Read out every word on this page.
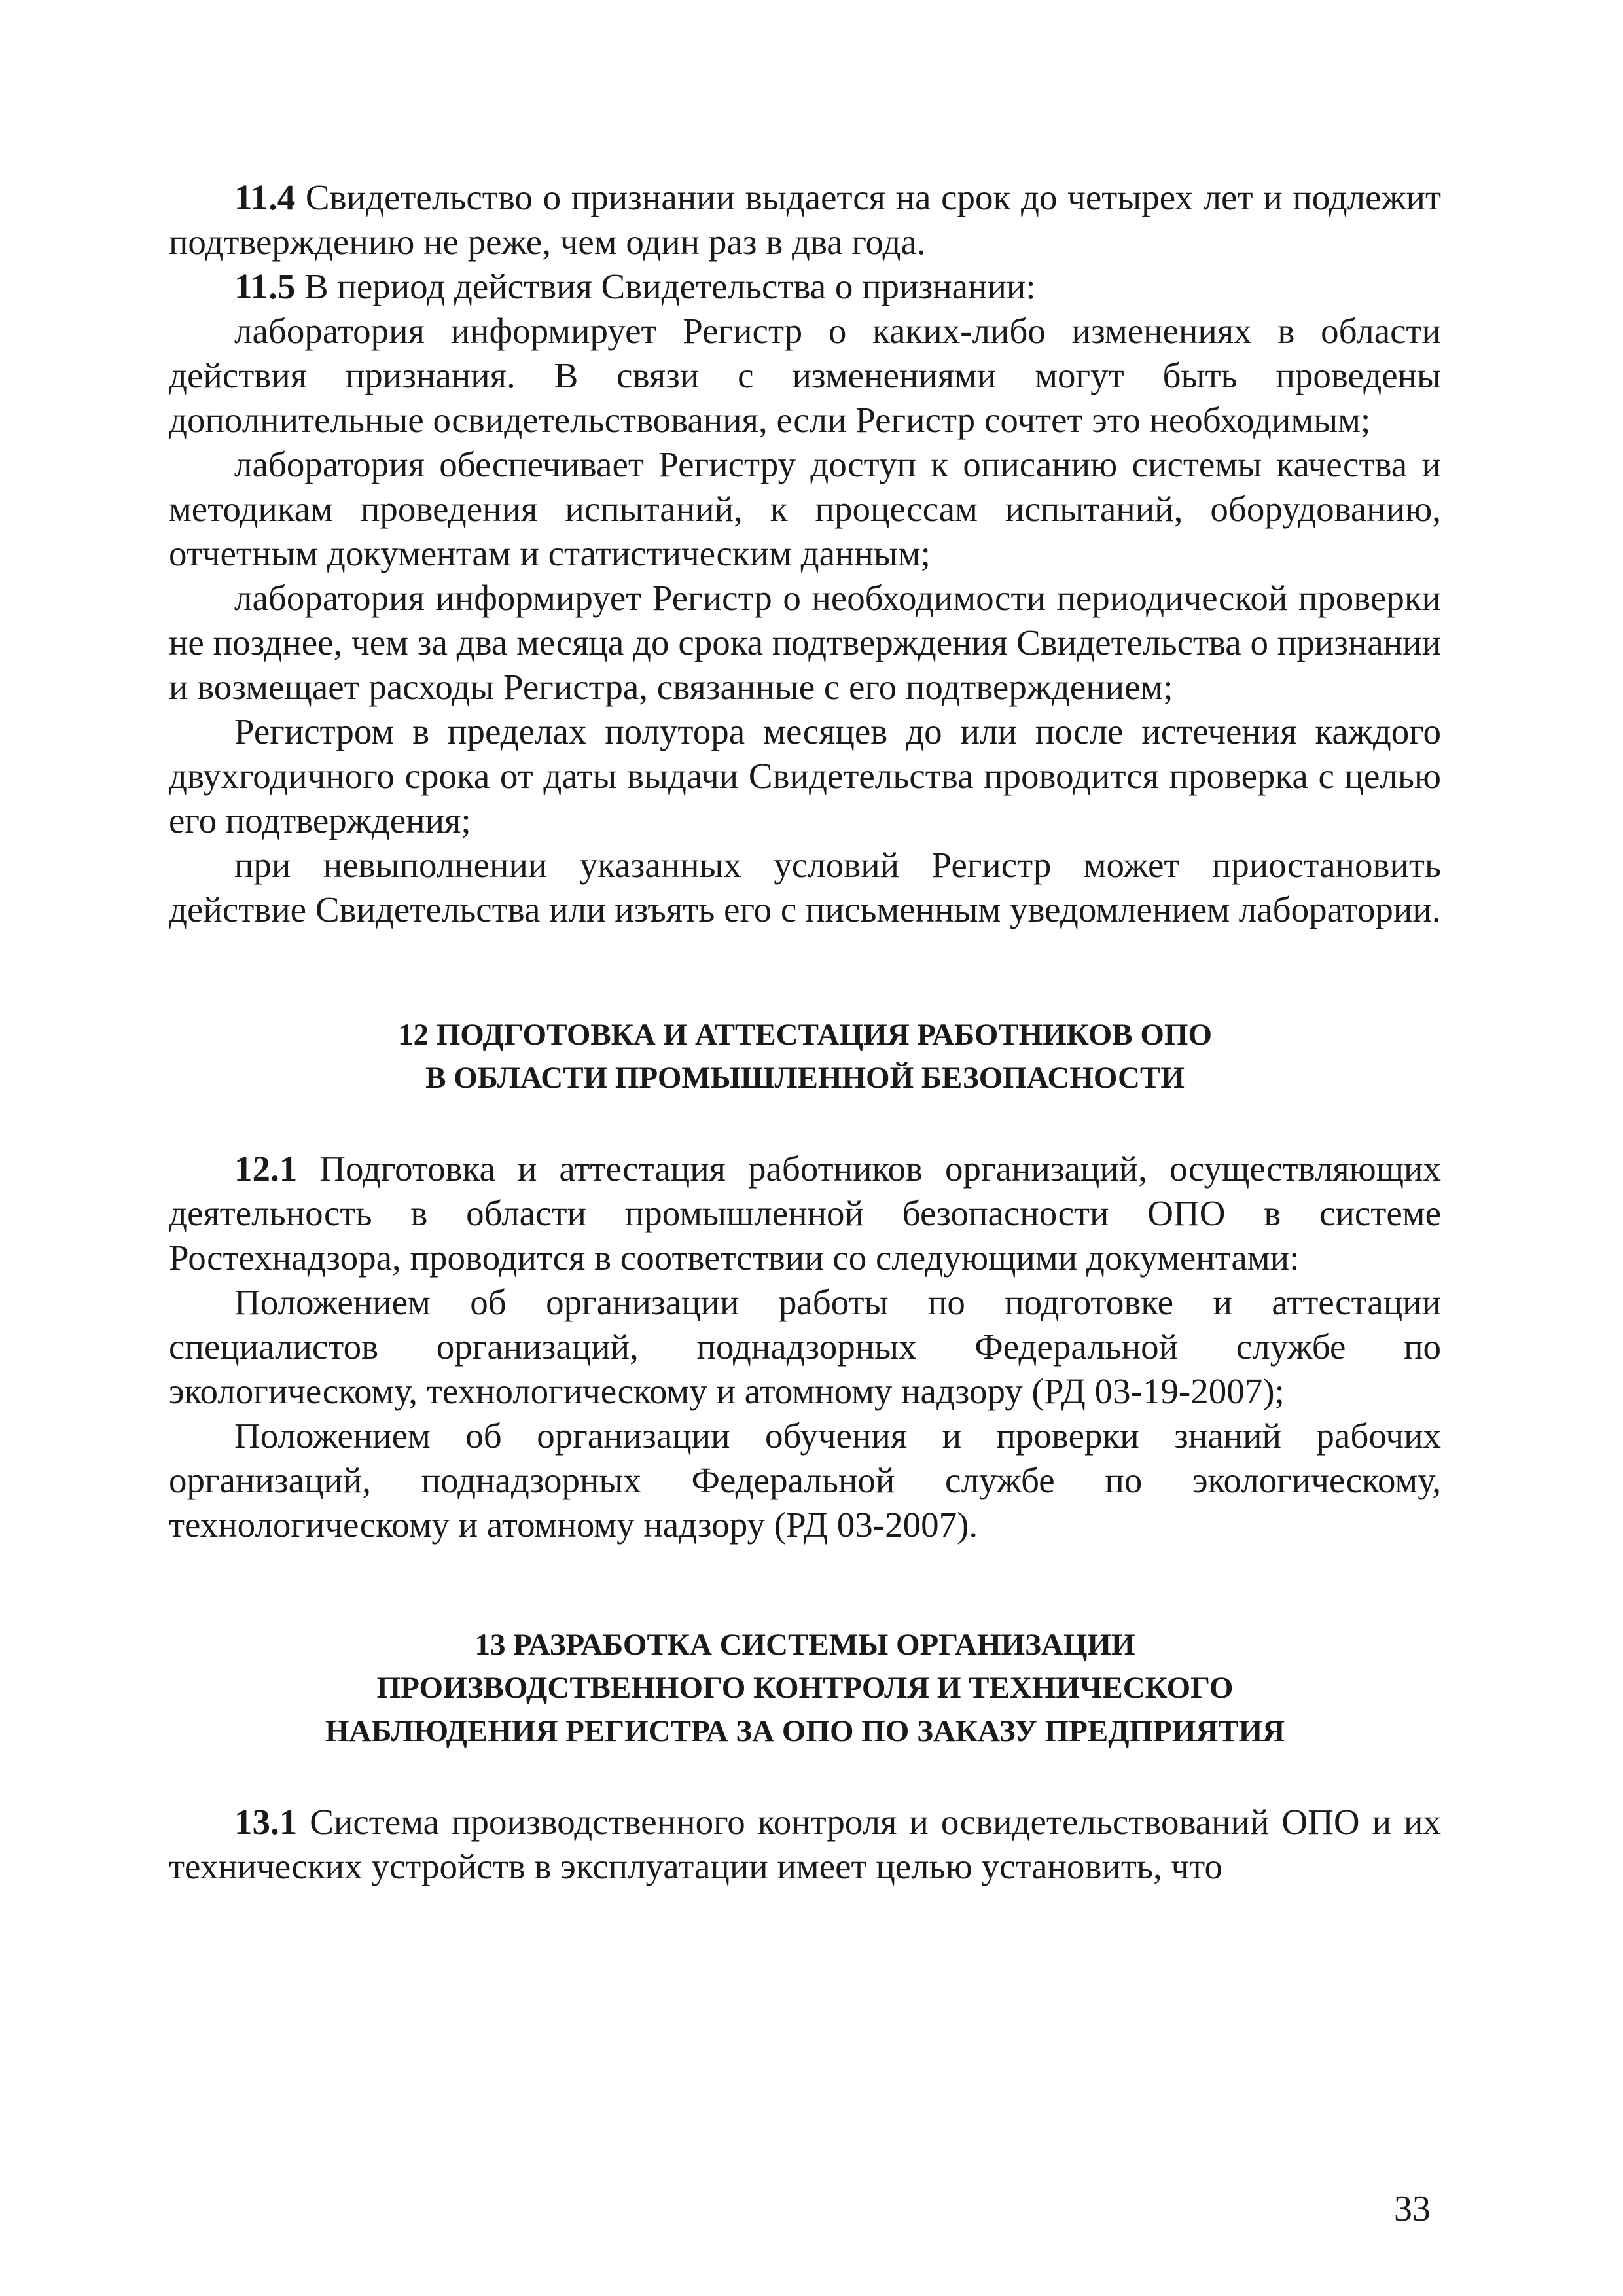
11.4 Свидетельство о признании выдается на срок до четырех лет и подлежит подтверждению не реже, чем один раз в два года.

11.5 В период действия Свидетельства о признании:

лаборатория информирует Регистр о каких-либо изменениях в области действия признания. В связи с изменениями могут быть проведены дополнительные освидетельствования, если Регистр сочтет это необходимым;

лаборатория обеспечивает Регистру доступ к описанию системы качества и методикам проведения испытаний, к процессам испытаний, оборудованию, отчетным документам и статистическим данным;

лаборатория информирует Регистр о необходимости периодической проверки не позднее, чем за два месяца до срока подтверждения Свидетельства о признании и возмещает расходы Регистра, связанные с его подтверждением;

Регистром в пределах полутора месяцев до или после истечения каждого двухгодичного срока от даты выдачи Свидетельства проводится проверка с целью его подтверждения;

при невыполнении указанных условий Регистр может приостановить действие Свидетельства или изъять его с письменным уведомлением лаборатории.

12 ПОДГОТОВКА И АТТЕСТАЦИЯ РАБОТНИКОВ ОПО
В ОБЛАСТИ ПРОМЫШЛЕННОЙ БЕЗОПАСНОСТИ

12.1 Подготовка и аттестация работников организаций, осуществляющих деятельность в области промышленной безопасности ОПО в системе Ростехнадзора, проводится в соответствии со следующими документами:

Положением об организации работы по подготовке и аттестации специалистов организаций, поднадзорных Федеральной службе по экологическому, технологическому и атомному надзору (РД 03-19-2007);

Положением об организации обучения и проверки знаний рабочих организаций, поднадзорных Федеральной службе по экологическому, технологическому и атомному надзору (РД 03-2007).

13 РАЗРАБОТКА СИСТЕМЫ ОРГАНИЗАЦИИ
ПРОИЗВОДСТВЕННОГО КОНТРОЛЯ И ТЕХНИЧЕСКОГО
НАБЛЮДЕНИЯ РЕГИСТРА ЗА ОПО ПО ЗАКАЗУ ПРЕДПРИЯТИЯ

13.1 Система производственного контроля и освидетельствований ОПО и их технических устройств в эксплуатации имеет целью установить, что

33
